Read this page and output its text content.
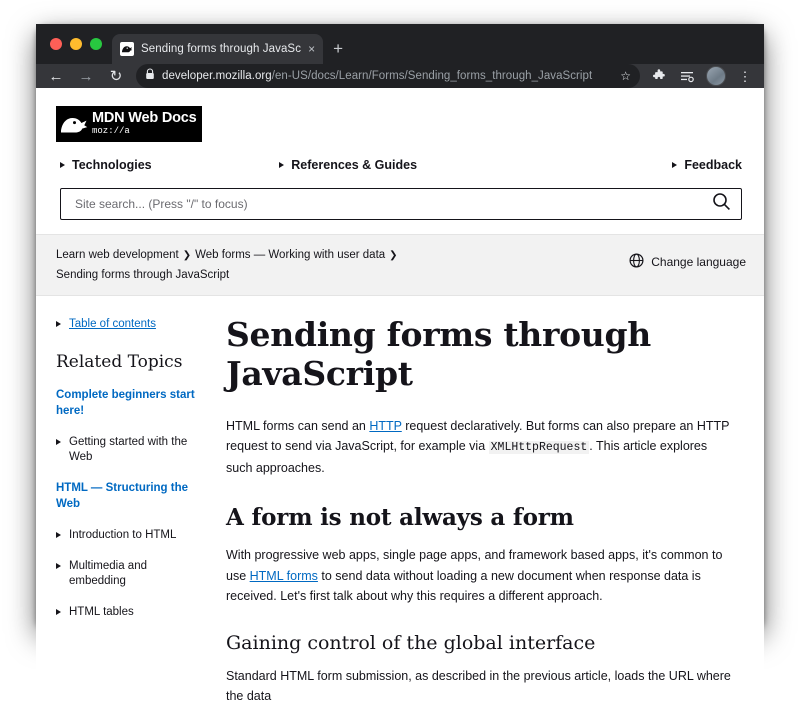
Sending forms through JavaSc ×	+
← → ↻	developer.mozilla.org/en-US/docs/Learn/Forms/Sending_forms_through_JavaScript	☆	⋮
MDN Web Docs
moz://a
Technologies	References & Guides	Feedback
Site search... (Press "/" to focus)
Learn web development ❯ Web forms — Working with user data ❯
Sending forms through JavaScript
Change language
Table of contents
Related Topics
Complete beginners start here!
Getting started with the Web
HTML — Structuring the Web
Introduction to HTML
Multimedia and embedding
HTML tables
Sending forms through JavaScript

HTML forms can send an HTTP request declaratively. But forms can also prepare an HTTP request to send via JavaScript, for example via XMLHttpRequest . This article explores such approaches.

A form is not always a form

With progressive web apps, single page apps, and framework based apps, it's common to use HTML forms to send data without loading a new document when response data is received. Let's first talk about why this requires a different approach.

Gaining control of the global interface

Standard HTML form submission, as described in the previous article, loads the URL where the data
